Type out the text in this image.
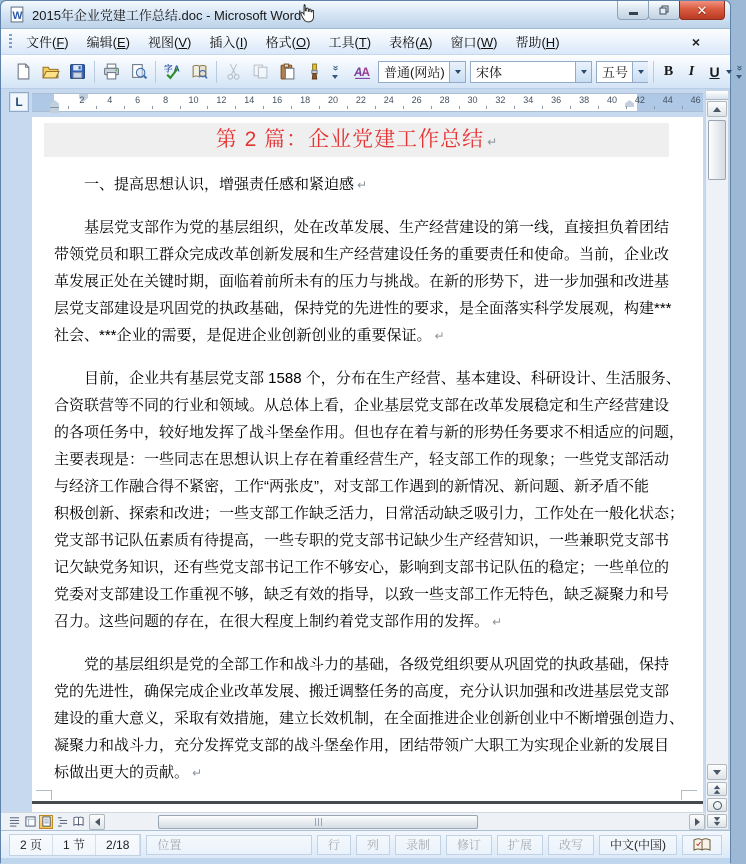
W 2015年企业党建工作总结.doc - Microsoft Word	✕
文件(F)	编辑(E)	视图(V)	插入(I)	格式(O)	工具(T)	表格(A)	窗口(W)	帮助(H)	×
字 A	» A A 普通(网站) 宋体	五号	B	I	U	»
L	2	4	6	8 10 12 14 16 18 20 22 24 26 28 30 32 34 36 38 40 42 44 46
第 2 篇：企业党建工作总结 ↵
一、提高思想认识，增强责任感和紧迫感 ↵
基层党支部作为党的基层组织，处在改革发展、生产经营建设的第一线，直接担负着团结
带领党员和职工群众完成改革创新发展和生产经营建设任务的重要责任和使命。当前，企业改
革发展正处在关键时期，面临着前所未有的压力与挑战。在新的形势下，进一步加强和改进基
层党支部建设是巩固党的执政基础，保持党的先进性的要求，是全面落实科学发展观，构建***
社会、***企业的需要，是促进企业创新创业的重要保证。 ↵
目前，企业共有基层党支部 1588 个，分布在生产经营、基本建设、科研设计、生活服务、
合资联营等不同的行业和领域。从总体上看，企业基层党支部在改革发展稳定和生产经营建设
的各项任务中，较好地发挥了战斗堡垒作用。但也存在着与新的形势任务要求不相适应的问题，
主要表现是：一些同志在思想认识上存在着重经营生产，轻支部工作的现象；一些党支部活动
与经济工作融合得不紧密，工作“两张皮”，对支部工作遇到的新情况、新问题、新矛盾不能
积极创新、探索和改进；一些支部工作缺乏活力，日常活动缺乏吸引力，工作处在一般化状态；
党支部书记队伍素质有待提高，一些专职的党支部书记缺少生产经营知识，一些兼职党支部书
记欠缺党务知识，还有些党支部书记工作不够安心，影响到支部书记队伍的稳定；一些单位的
党委对支部建设工作重视不够，缺乏有效的指导，以致一些支部工作无特色，缺乏凝聚力和号
召力。这些问题的存在，在很大程度上制约着党支部作用的发挥。 ↵
党的基层组织是党的全部工作和战斗力的基础，各级党组织要从巩固党的执政基础，保持
党的先进性，确保完成企业改革发展、搬迁调整任务的高度，充分认识加强和改进基层党支部
建设的重大意义，采取有效措施，建立长效机制，在全面推进企业创新创业中不断增强创造力、
凝聚力和战斗力，充分发挥党支部的战斗堡垒作用，团结带领广大职工为实现企业新的发展目
标做出更大的贡献。 ↵
2 页	1 节	2/18	位置	行	列	录制	修订	扩展	改写	中文(中国)
